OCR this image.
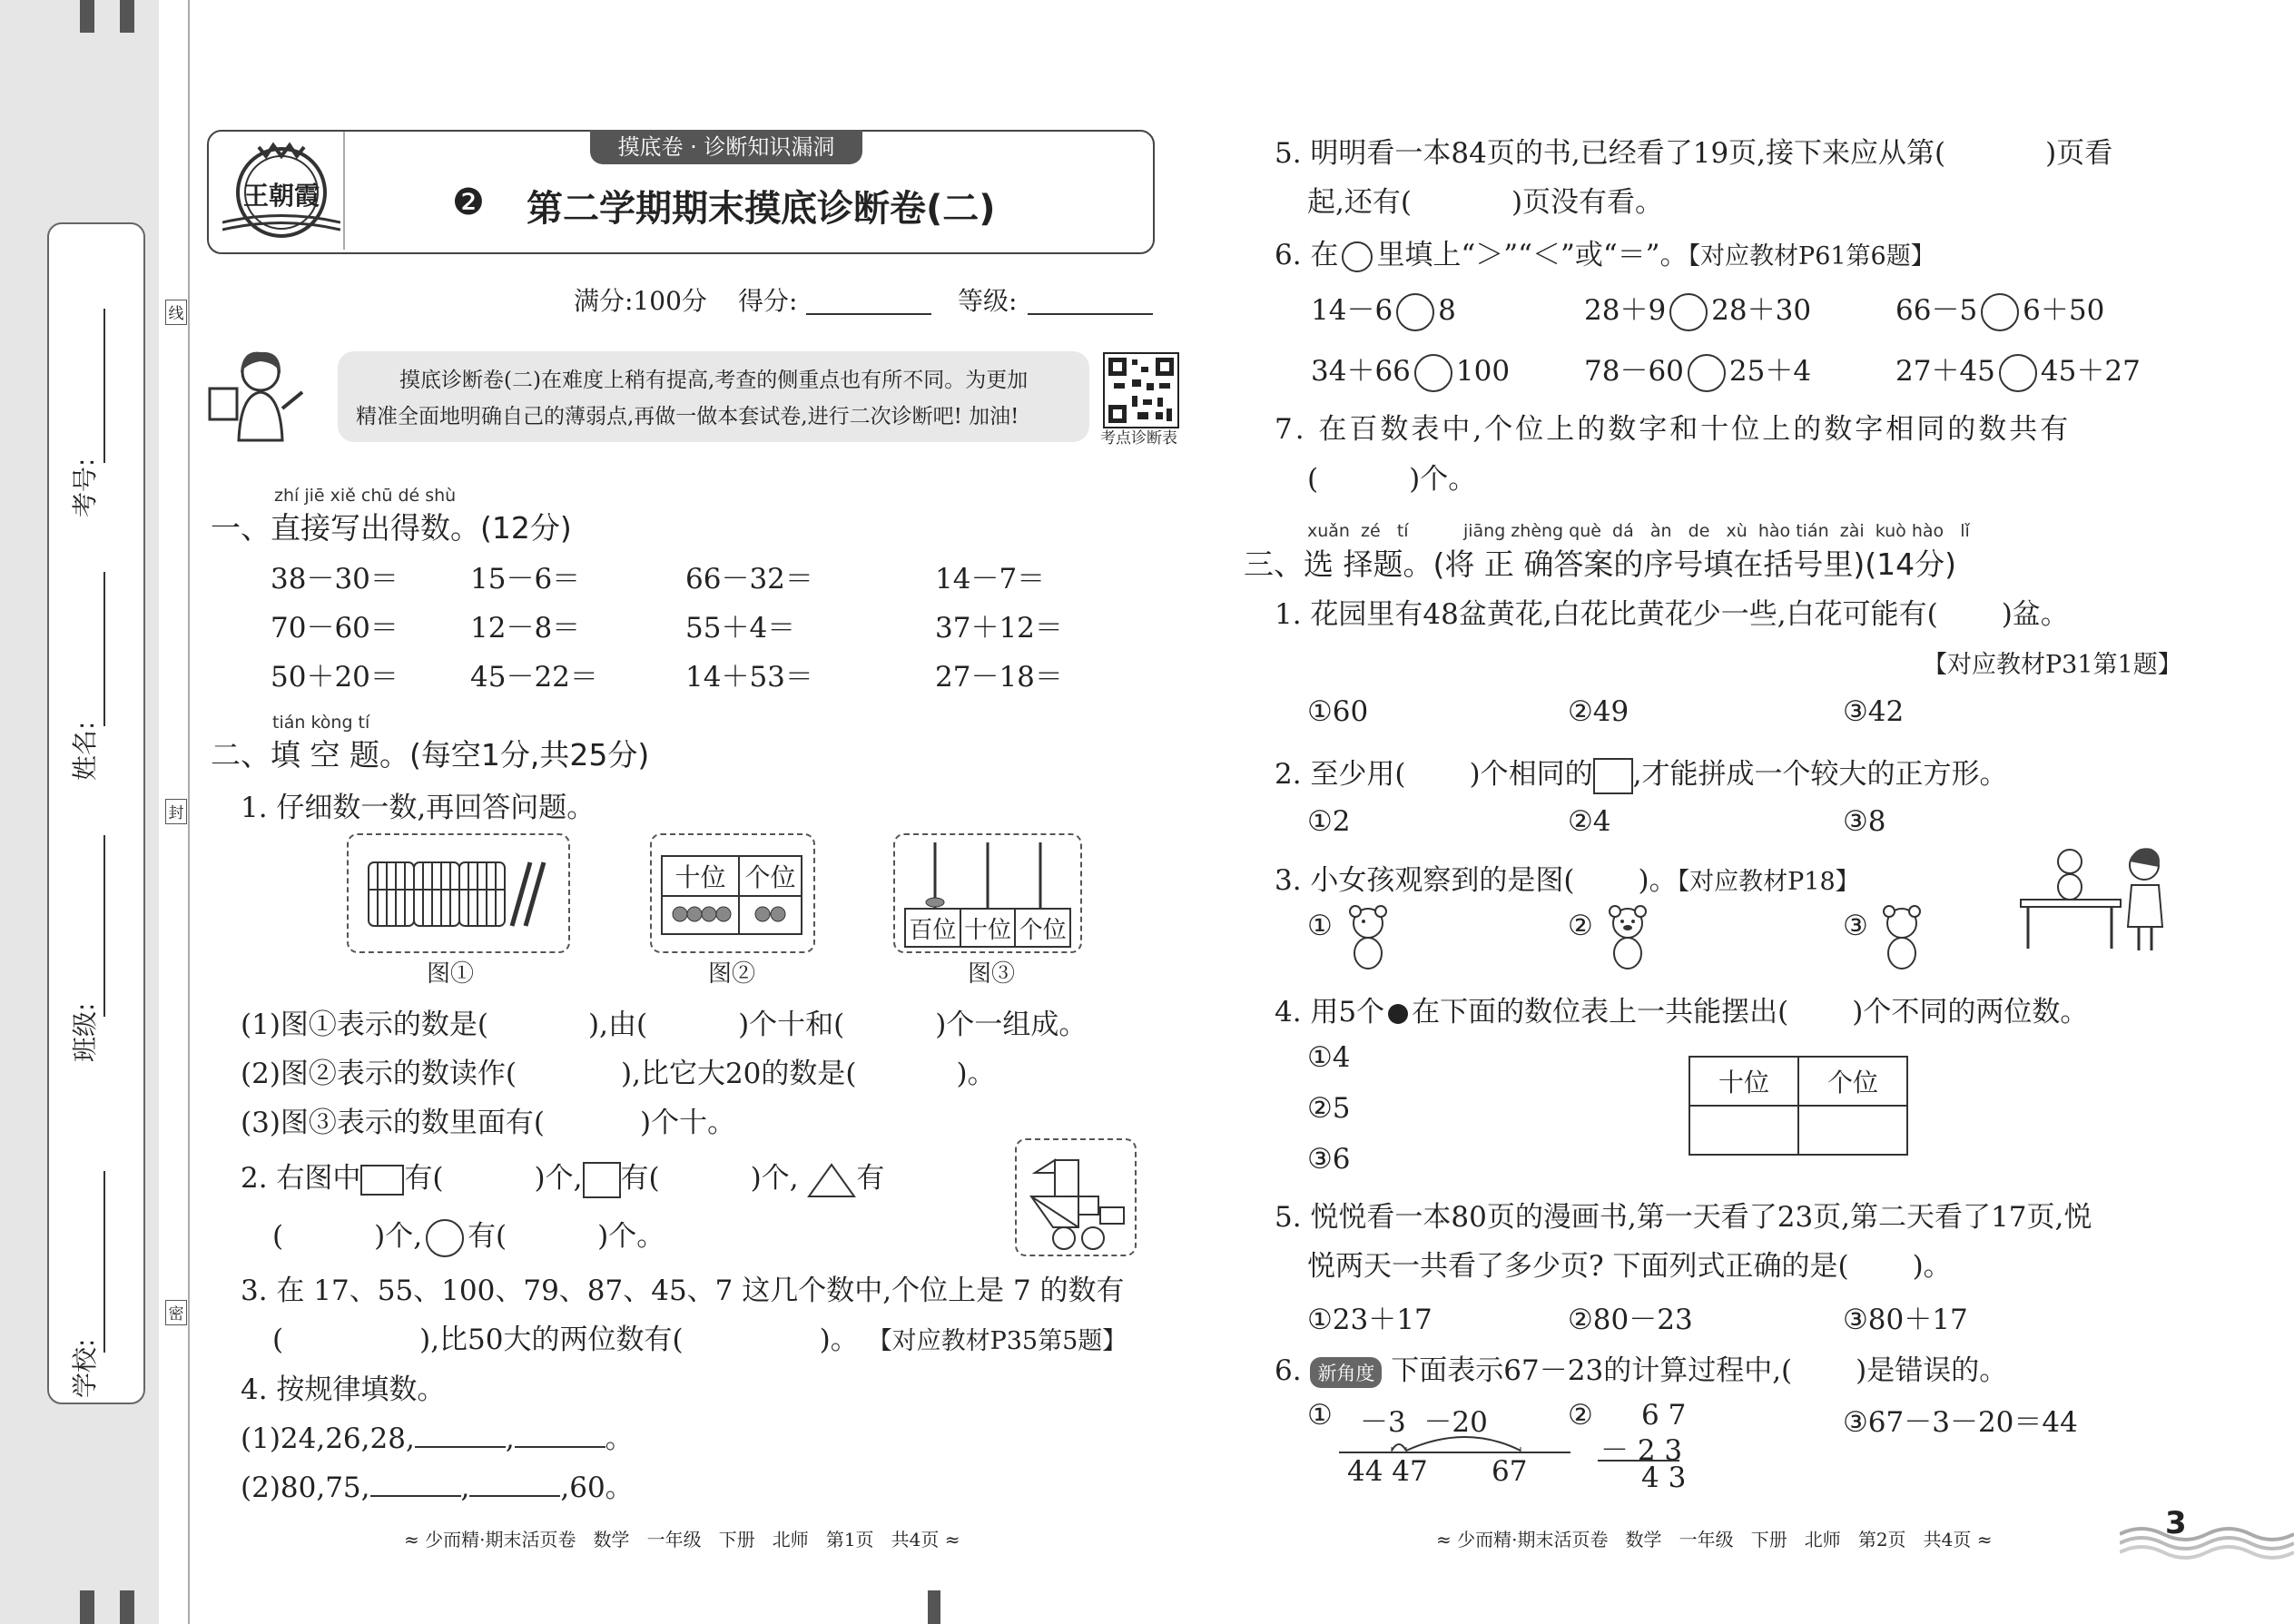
学校:
班级:
姓名:
考号:
线
封
密
王朝霞
摸底卷 · 诊断知识漏洞
❷ 第二学期期末摸底诊断卷(二)
满分:100分 得分:	等级:
摸底诊断卷(二)在难度上稍有提高,考查的侧重点也有所不同。为更加
精准全面地明确自己的薄弱点,再做一做本套试卷,进行二次诊断吧! 加油!
考点诊断表
zhí jiē xiě chū dé shù
一、直接写出得数。(12分)
38－30＝	15－6＝	66－32＝	14－7＝
70－60＝	12－8＝	55＋4＝	37＋12＝
50＋20＝	45－22＝	14＋53＝	27－18＝
tián kòng tí
二、填 空 题。(每空1分,共25分)
1. 仔细数一数,再回答问题。
图①
十位	个位

图②
百位	十位	个位
图③
(1)图①表示的数是(	),由(	)个十和(	)个一组成。
(2)图②表示的数读作(	),比它大20的数是(	)。
(3)图③表示的数里面有(	)个十。
2. 右图中 有(	)个, 有(	)个, 有
(	)个, 有(	)个。
3. 在 17、55、100、79、87、45、7 这几个数中,个位上是 7 的数有
(	),比50大的两位数有(	)。 【对应教材P35第5题】
4. 按规律填数。
(1)24,26,28,	,	。
(2)80,75,	,	,60。
≈ 少而精·期末活页卷   数学   一年级   下册   北师   第1页   共4页 ≈
5. 明明看一本84页的书,已经看了19页,接下来应从第(	)页看
起,还有(	)页没有看。
6. 在 里填上“＞”“＜”或“＝”。【对应教材P61第6题】
14－6 8	28＋9 28＋30	66－5 6＋50
34＋66 100	78－60 25＋4	27＋45 45＋27
7. 在百数表中,个位上的数字和十位上的数字相同的数共有
(	)个。
xuǎn  zé   tí          jiāng zhèng què  dá   àn   de   xù  hào tián  zài  kuò hào   lǐ
三、选 择题。(将 正 确答案的序号填在括号里)(14分)
1. 花园里有48盆黄花,白花比黄花少一些,白花可能有( )盆。
【对应教材P31第1题】
①60	②49	③42
2. 至少用( )个相同的 ,才能拼成一个较大的正方形。
①2	②4	③8
3. 小女孩观察到的是图( )。【对应教材P18】
①	②	③
4. 用5个 在下面的数位表上一共能摆出( )个不同的两位数。
①4
②5
③6
十位	个位

5. 悦悦看一本80页的漫画书,第一天看了23页,第二天看了17页,悦
悦两天一共看了多少页? 下面列式正确的是( )。
①23＋17	②80－23	③80＋17
6. 新角度 下面表示67－23的计算过程中,( )是错误的。
① －3  －20
44 47 67
② 6 7
－ 2 3
4 3
③67－3－20＝44
≈ 少而精·期末活页卷   数学   一年级   下册   北师   第2页   共4页 ≈	3
